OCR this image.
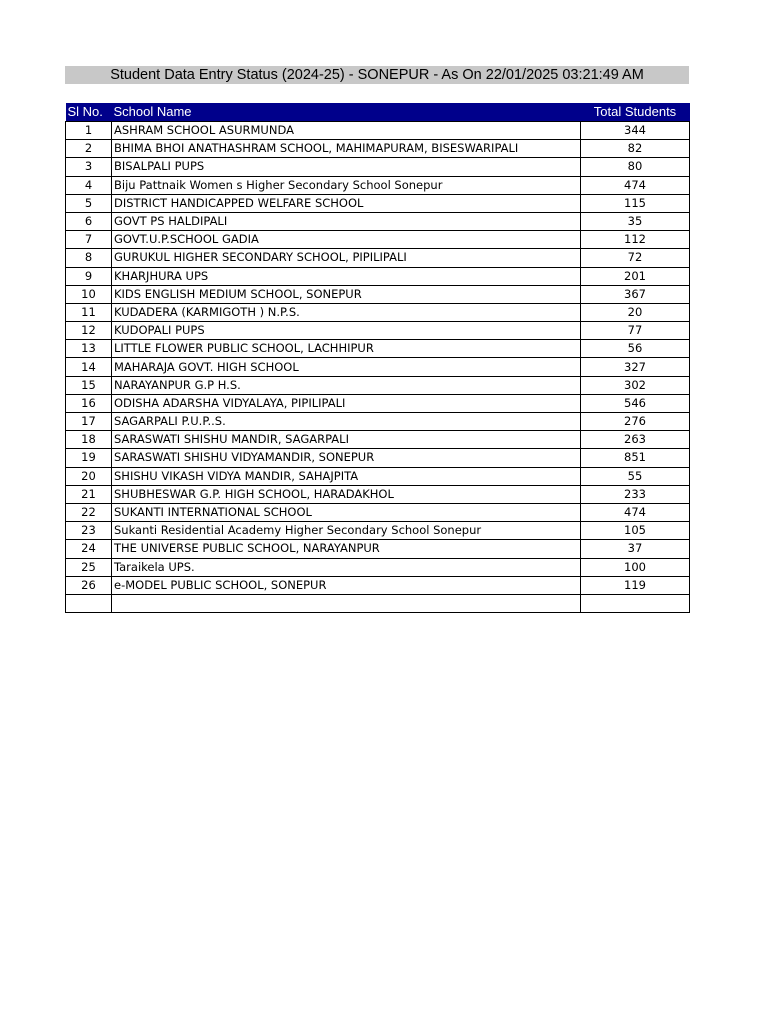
Student Data Entry Status (2024-25) - SONEPUR - As On 22/01/2025 03:21:49 AM
Sl No.	School Name	Total Students
1	ASHRAM SCHOOL ASURMUNDA	344
2	BHIMA BHOI ANATHASHRAM SCHOOL, MAHIMAPURAM, BISESWARIPALI	82
3	BISALPALI PUPS	80
4	Biju Pattnaik Women s Higher Secondary School Sonepur	474
5	DISTRICT HANDICAPPED WELFARE SCHOOL	115
6	GOVT PS HALDIPALI	35
7	GOVT.U.P.SCHOOL GADIA	112
8	GURUKUL HIGHER SECONDARY SCHOOL, PIPILIPALI	72
9	KHARJHURA UPS	201
10	KIDS ENGLISH MEDIUM SCHOOL, SONEPUR	367
11	KUDADERA (KARMIGOTH ) N.P.S.	20
12	KUDOPALI PUPS	77
13	LITTLE FLOWER PUBLIC SCHOOL, LACHHIPUR	56
14	MAHARAJA GOVT. HIGH SCHOOL	327
15	NARAYANPUR G.P H.S.	302
16	ODISHA ADARSHA VIDYALAYA, PIPILIPALI	546
17	SAGARPALI P.U.P..S.	276
18	SARASWATI SHISHU MANDIR, SAGARPALI	263
19	SARASWATI SHISHU VIDYAMANDIR, SONEPUR	851
20	SHISHU VIKASH VIDYA MANDIR, SAHAJPITA	55
21	SHUBHESWAR G.P. HIGH SCHOOL, HARADAKHOL	233
22	SUKANTI INTERNATIONAL SCHOOL	474
23	Sukanti Residential Academy Higher Secondary School Sonepur	105
24	THE UNIVERSE PUBLIC SCHOOL, NARAYANPUR	37
25	Taraikela UPS.	100
26	e-MODEL PUBLIC SCHOOL, SONEPUR	119
